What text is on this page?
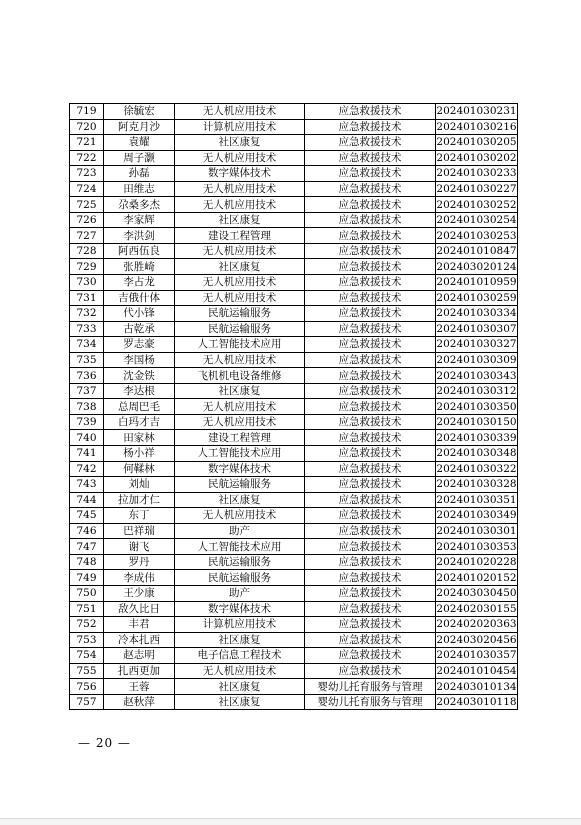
719	徐毓宏	无人机应用技术	应急救援技术	202401030231
720	阿克月沙	计算机应用技术	应急救援技术	202401030216
721	袁耀	社区康复	应急救援技术	202401030205
722	周子灏	无人机应用技术	应急救援技术	202401030202
723	孙磊	数字媒体技术	应急救援技术	202401030233
724	田维志	无人机应用技术	应急救援技术	202401030227
725	尕桑多杰	无人机应用技术	应急救援技术	202401030252
726	李家辉	社区康复	应急救援技术	202401030254
727	李洪剑	建设工程管理	应急救援技术	202401030253
728	阿西伍良	无人机应用技术	应急救援技术	202401010847
729	张胜崎	社区康复	应急救援技术	202403020124
730	李占龙	无人机应用技术	应急救援技术	202401010959
731	吉俄什体	无人机应用技术	应急救援技术	202401030259
732	代小锋	民航运输服务	应急救援技术	202401030334
733	古乾承	民航运输服务	应急救援技术	202401030307
734	罗志豪	人工智能技术应用	应急救援技术	202401030327
735	李国杨	无人机应用技术	应急救援技术	202401030309
736	沈金铁	飞机机电设备维修	应急救援技术	202401030343
737	李达根	社区康复	应急救援技术	202401030312
738	总周巴毛	无人机应用技术	应急救援技术	202401030350
739	白玛才吉	无人机应用技术	应急救援技术	202401030150
740	田家林	建设工程管理	应急救援技术	202401030339
741	杨小祥	人工智能技术应用	应急救援技术	202401030348
742	何鞣林	数字媒体技术	应急救援技术	202401030322
743	刘灿	民航运输服务	应急救援技术	202401030328
744	拉加才仁	社区康复	应急救援技术	202401030351
745	东丁	无人机应用技术	应急救援技术	202401030349
746	巴祥瑞	助产	应急救援技术	202401030301
747	谢飞	人工智能技术应用	应急救援技术	202401030353
748	罗丹	民航运输服务	应急救援技术	202401020228
749	李成伟	民航运输服务	应急救援技术	202401020152
750	王少康	助产	应急救援技术	202403030450
751	敌久比日	数字媒体技术	应急救援技术	202402030155
752	丰君	计算机应用技术	应急救援技术	202402020363
753	冷本扎西	社区康复	应急救援技术	202403020456
754	赵志明	电子信息工程技术	应急救援技术	202401030357
755	扎西更加	无人机应用技术	应急救援技术	202401010454
756	王蓉	社区康复	婴幼儿托育服务与管理	202403010134
757	赵秋萍	社区康复	婴幼儿托育服务与管理	202403010118
— 20 —
